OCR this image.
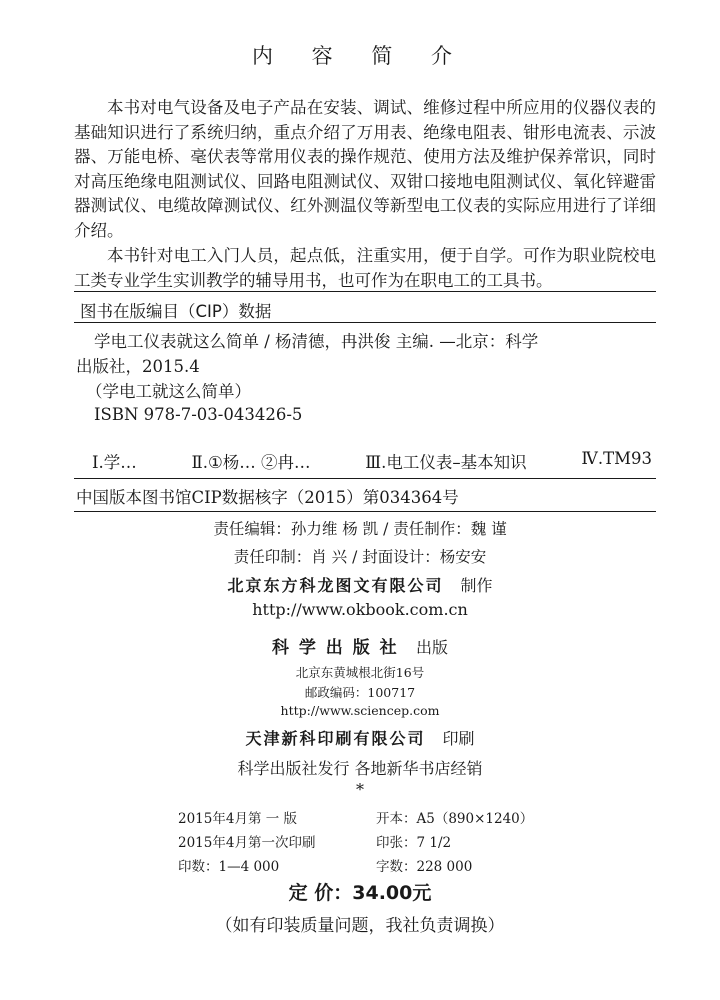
内 容 简 介

本书对电气设备及电子产品在安装、调试、维修过程中所应用的仪器仪表的基础知识进行了系统归纳，重点介绍了万用表、绝缘电阻表、钳形电流表、示波器、万能电桥、毫伏表等常用仪表的操作规范、使用方法及维护保养常识，同时对高压绝缘电阻测试仪、回路电阻测试仪、双钳口接地电阻测试仪、氧化锌避雷器测试仪、电缆故障测试仪、红外测温仪等新型电工仪表的实际应用进行了详细介绍。

本书针对电工入门人员，起点低，注重实用，便于自学。可作为职业院校电工类专业学生实训教学的辅导用书，也可作为在职电工的工具书。

图书在版编目（CIP）数据
学电工仪表就这么简单 / 杨清德，冉洪俊 主编. —北京：科学
出版社，2015.4
（学电工就这么简单）
ISBN 978-7-03-043426-5
Ⅰ.学…	Ⅱ.①杨… ②冉…	Ⅲ.电工仪表–基本知识	Ⅳ.TM93
中国版本图书馆CIP数据核字（2015）第034364号
责任编辑：孙力维 杨 凯 / 责任制作：魏 谨
责任印制：肖 兴 / 封面设计：杨安安
北京东方科龙图文有限公司 制作
http://www.okbook.com.cn
科 学 出 版 社 出版
北京东黄城根北街16号
邮政编码：100717
http://www.sciencep.com
天津新科印刷有限公司 印刷
科学出版社发行 各地新华书店经销
*
2015年4月第 一 版	开本：A5（890×1240）
2015年4月第一次印刷	印张：7 1/2
印数：1—4 000	字数：228 000
定 价：34.00元
（如有印装质量问题，我社负责调换）
